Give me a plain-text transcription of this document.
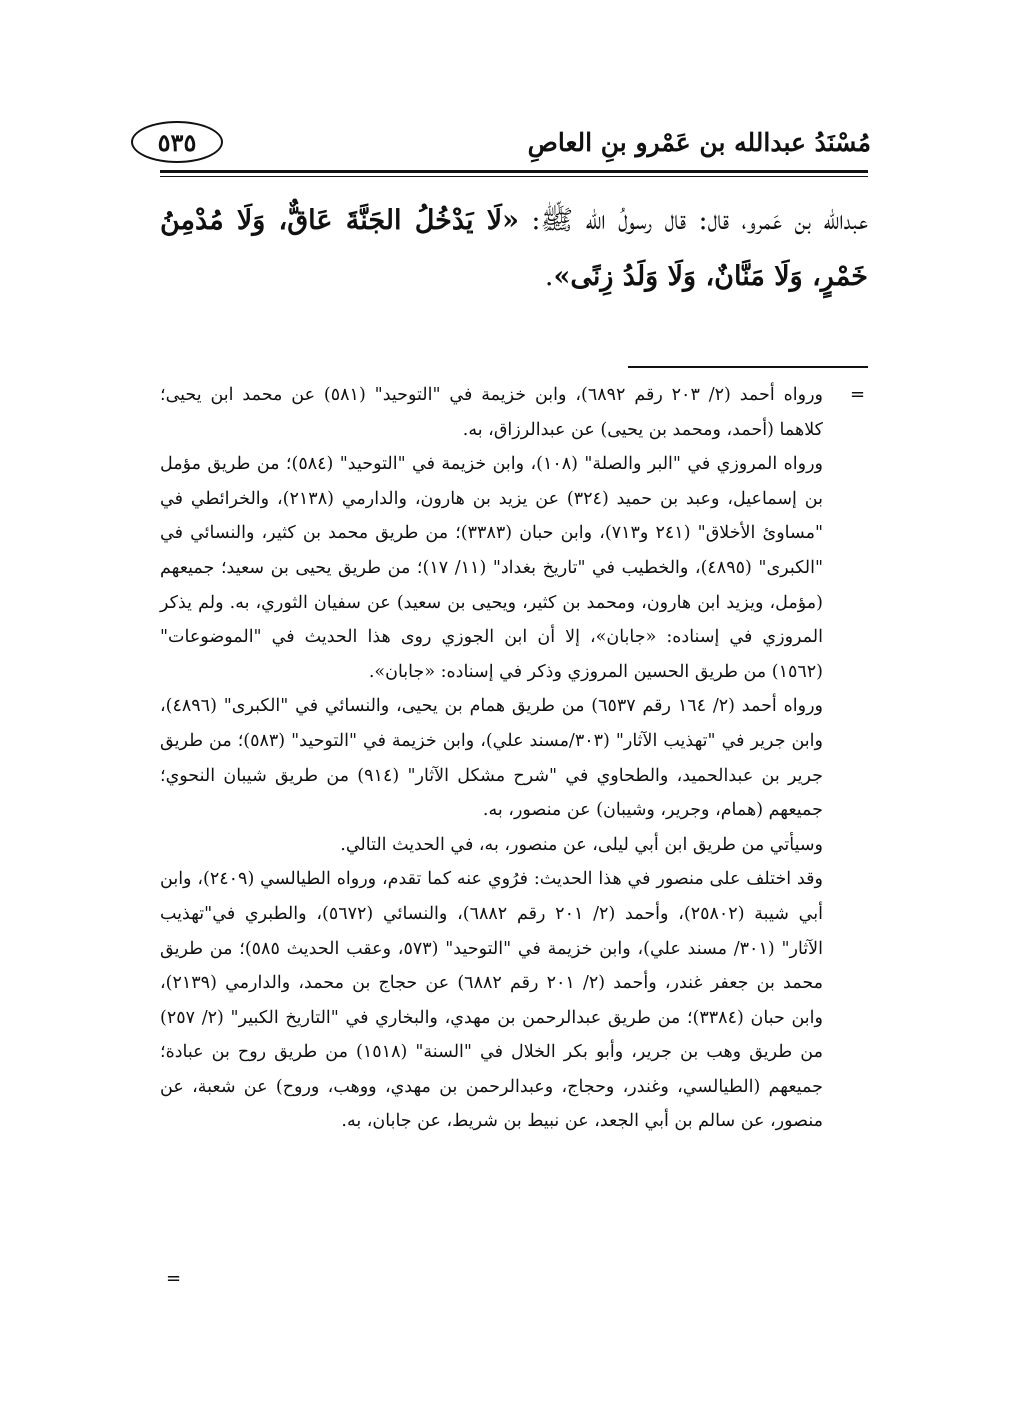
مُسْنَدُ عبدالله بن عَمْرو بنِ العاصِ
٥٣٥
عبدالله بن عَمرو، قال: قال رسولُ الله ﷺ: «لَا يَدْخُلُ الجَنَّةَ عَاقٌّ، وَلَا مُدْمِنُ خَمْرٍ، وَلَا مَنَّانٌ، وَلَا وَلَدُ زِنًى».
=

ورواه أحمد (٢/ ٢٠٣ رقم ٦٨٩٢)، وابن خزيمة في "التوحيد" (٥٨١) عن محمد ابن يحيى؛ كلاهما (أحمد، ومحمد بن يحيى) عن عبدالرزاق، به.

ورواه المروزي في "البر والصلة" (١٠٨)، وابن خزيمة في "التوحيد" (٥٨٤)؛ من طريق مؤمل بن إسماعيل، وعبد بن حميد (٣٢٤) عن يزيد بن هارون، والدارمي (٢١٣٨)، والخرائطي في "مساوئ الأخلاق" (٢٤١ و٧١٣)، وابن حبان (٣٣٨٣)؛ من طريق محمد بن كثير، والنسائي في "الكبرى" (٤٨٩٥)، والخطيب في "تاريخ بغداد" (١١/ ١٧)؛ من طريق يحيى بن سعيد؛ جميعهم (مؤمل، ويزيد ابن هارون، ومحمد بن كثير، ويحيى بن سعيد) عن سفيان الثوري، به. ولم يذكر المروزي في إسناده: «جابان»، إلا أن ابن الجوزي روى هذا الحديث في "الموضوعات" (١٥٦٢) من طريق الحسين المروزي وذكر في إسناده: «جابان».

ورواه أحمد (٢/ ١٦٤ رقم ٦٥٣٧) من طريق همام بن يحيى، والنسائي في "الكبرى" (٤٨٩٦)، وابن جرير في "تهذيب الآثار" (٣٠٣/مسند علي)، وابن خزيمة في "التوحيد" (٥٨٣)؛ من طريق جرير بن عبدالحميد، والطحاوي في "شرح مشكل الآثار" (٩١٤) من طريق شيبان النحوي؛ جميعهم (همام، وجرير، وشيبان) عن منصور، به.

وسيأتي من طريق ابن أبي ليلى، عن منصور، به، في الحديث التالي.

وقد اختلف على منصور في هذا الحديث: فرُوي عنه كما تقدم، ورواه الطيالسي (٢٤٠٩)، وابن أبي شيبة (٢٥٨٠٢)، وأحمد (٢/ ٢٠١ رقم ٦٨٨٢)، والنسائي (٥٦٧٢)، والطبري في"تهذيب الآثار" (٣٠١/ مسند علي)، وابن خزيمة في "التوحيد" (٥٧٣، وعقب الحديث ٥٨٥)؛ من طريق محمد بن جعفر غندر، وأحمد (٢/ ٢٠١ رقم ٦٨٨٢) عن حجاج بن محمد، والدارمي (٢١٣٩)، وابن حبان (٣٣٨٤)؛ من طريق عبدالرحمن بن مهدي، والبخاري في "التاريخ الكبير" (٢/ ٢٥٧) من طريق وهب بن جرير، وأبو بكر الخلال في "السنة" (١٥١٨) من طريق روح بن عبادة؛ جميعهم (الطيالسي، وغندر، وحجاج، وعبدالرحمن بن مهدي، ووهب، وروح) عن شعبة، عن منصور، عن سالم بن أبي الجعد، عن نبيط بن شريط، عن جابان، به.

=
